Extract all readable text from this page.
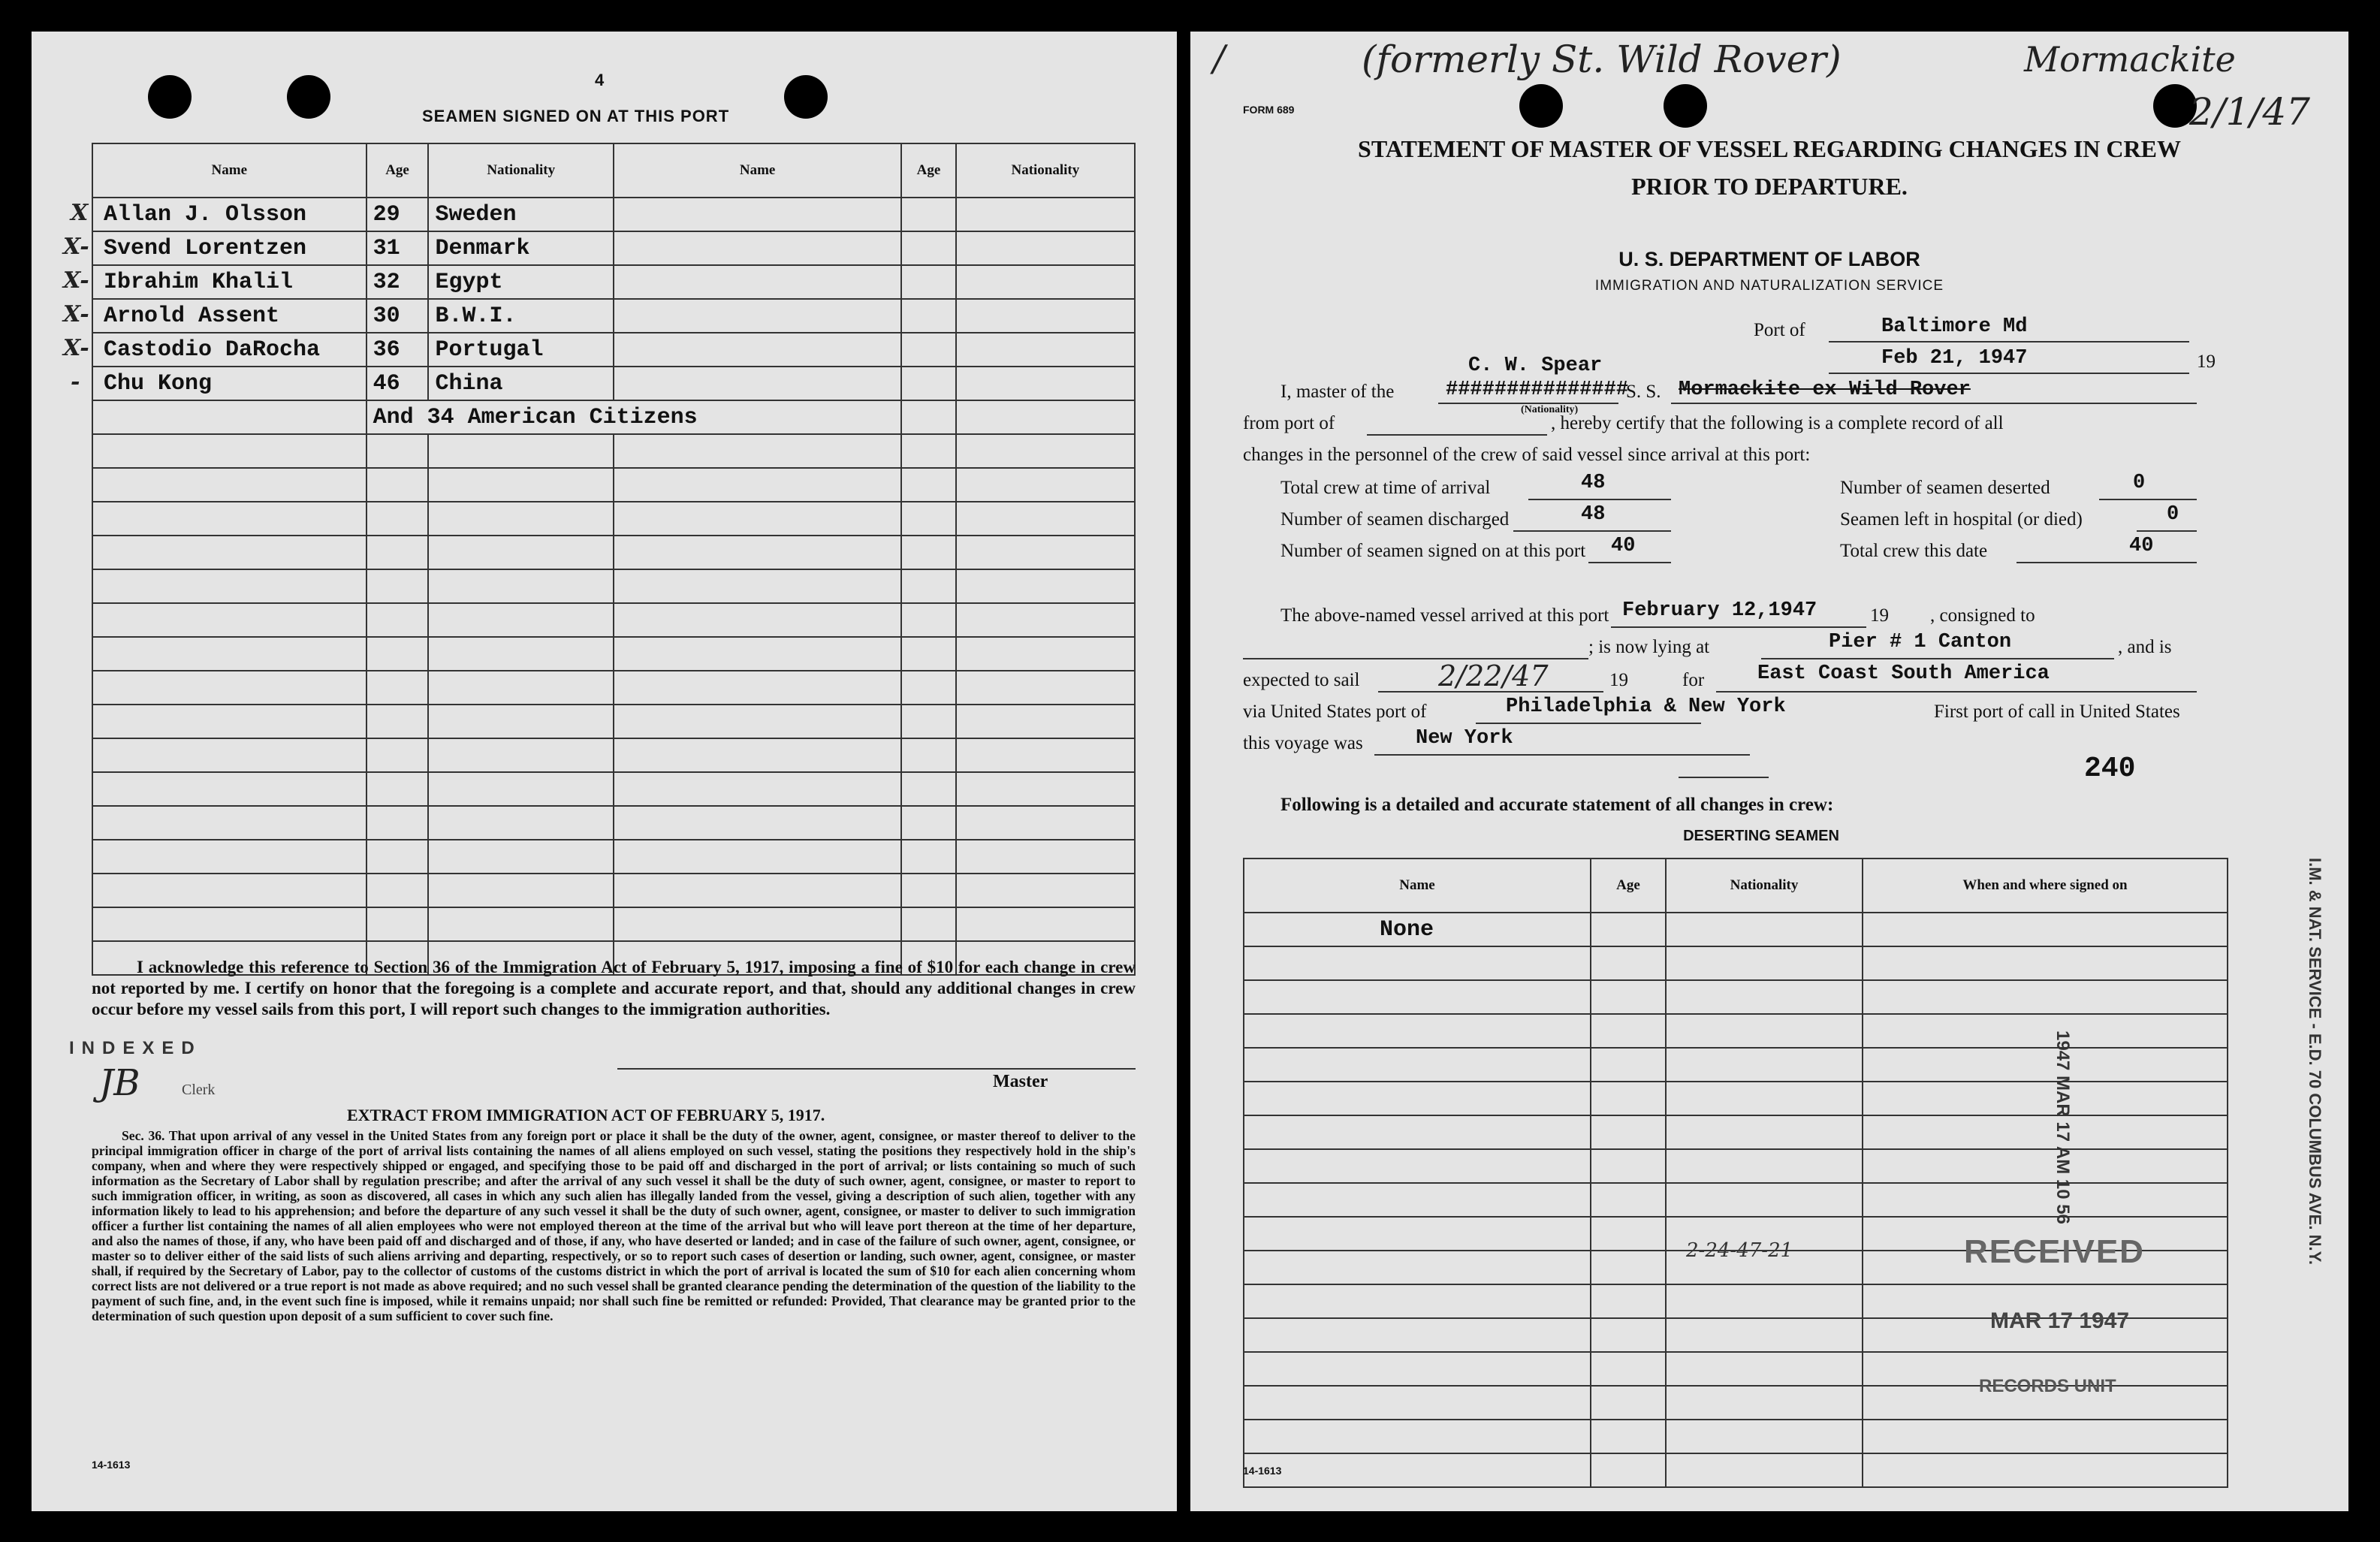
4
SEAMEN SIGNED ON AT THIS PORT
Name	Age	Nationality	Name	Age	Nationality

X Allan J. Olsson	29	Sweden			

X- Svend Lorentzen	31	Denmark			

X- Ibrahim Khalil	32	Egypt			

X- Arnold Assent	30	B.W.I.			

X- Castodio DaRocha	36	Portugal			

- Chu Kong	46	China			
	And 34 American Citizens				

I acknowledge this reference to Section 36 of the Immigration Act of February 5, 1917, imposing a fine of $10 for each change in crew not reported by me. I certify on honor that the foregoing is a complete and accurate report, and that, should any additional changes in crew occur before my vessel sails from this port, I will report such changes to the immigration authorities.
INDEXED
JB	Clerk	Master
EXTRACT FROM IMMIGRATION ACT OF FEBRUARY 5, 1917.
Sec. 36. That upon arrival of any vessel in the United States from any foreign port or place it shall be the duty of the owner, agent, consignee, or master thereof to deliver to the principal immigration officer in charge of the port of arrival lists containing the names of all aliens employed on such vessel, stating the positions they respectively hold in the ship's company, when and where they were respectively shipped or engaged, and specifying those to be paid off and discharged in the port of arrival; or lists containing so much of such information as the Secretary of Labor shall by regulation prescribe; and after the arrival of any such vessel it shall be the duty of such owner, agent, consignee, or master to report to such immigration officer, in writing, as soon as discovered, all cases in which any such alien has illegally landed from the vessel, giving a description of such alien, together with any information likely to lead to his apprehension; and before the departure of any such vessel it shall be the duty of such owner, agent, consignee, or master to deliver to such immigration officer a further list containing the names of all alien employees who were not employed thereon at the time of the arrival but who will leave port thereon at the time of her departure, and also the names of those, if any, who have been paid off and discharged and of those, if any, who have deserted or landed; and in case of the failure of such owner, agent, consignee, or master so to deliver either of the said lists of such aliens arriving and departing, respectively, or so to report such cases of desertion or landing, such owner, agent, consignee, or master shall, if required by the Secretary of Labor, pay to the collector of customs of the customs district in which the port of arrival is located the sum of $10 for each alien concerning whom correct lists are not delivered or a true report is not made as above required; and no such vessel shall be granted clearance pending the determination of the question of the liability to the payment of such fine, and, in the event such fine is imposed, while it remains unpaid; nor shall such fine be remitted or refunded: Provided, That clearance may be granted prior to the determination of such question upon deposit of a sum sufficient to cover such fine.
14-1613
/	(formerly St. Wild Rover)	Mormackite
2/1/47
FORM 689
STATEMENT OF MASTER OF VESSEL REGARDING CHANGES IN CREW
PRIOR TO DEPARTURE.
U. S. DEPARTMENT OF LABOR
IMMIGRATION AND NATURALIZATION SERVICE
Port of	Baltimore Md
Feb 21, 1947	19
I, master of the
C. W. Spear
###############
(Nationality)
S. S. Mormackite ex Wild Rover
from port of	, hereby certify that the following is a complete record of all
changes in the personnel of the crew of said vessel since arrival at this port:
Total crew at time of arrival	48
Number of seamen discharged	48
Number of seamen signed on at this port 40
Number of seamen deserted	0
Seamen left in hospital (or died)	0
Total crew this date	40
The above-named vessel arrived at this port February 12,1947	19 , consigned to
; is now lying at	Pier # 1 Canton	, and is
expected to sail	2/22/47	19	for	East Coast South America
via United States port of	Philadelphia & New York	First port of call in United States
this voyage was	New York
240
Following is a detailed and accurate statement of all changes in crew:
DESERTING SEAMEN
Name	Age	Nationality	When and where signed on
None			

2-24-47-21	RECEIVED
MAR 17 1947
RECORDS UNIT
1947 MAR 17 AM 10 56	I.M. & NAT. SERVICE - E.D. 70 COLUMBUS AVE. N.Y.
14-1613
